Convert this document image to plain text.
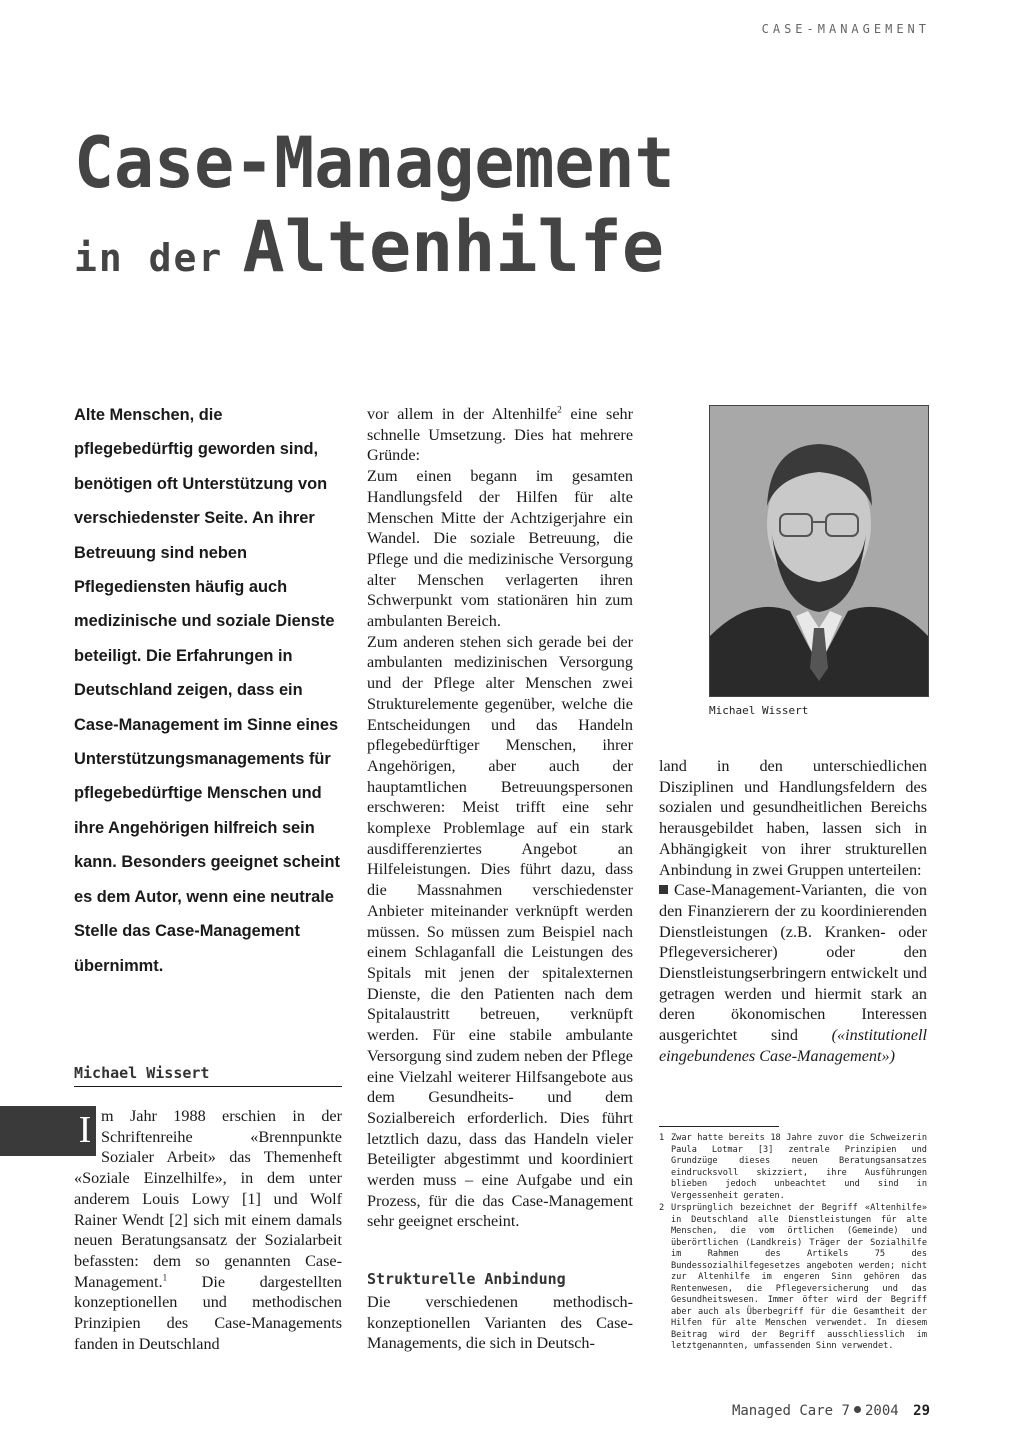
CASE-MANAGEMENT
Case-Management
in der Altenhilfe
Alte Menschen, die pflegebedürftig geworden sind, benötigen oft Unterstützung von verschiedenster Seite. An ihrer Betreuung sind neben Pflegediensten häufig auch medizinische und soziale Dienste beteiligt. Die Erfahrungen in Deutschland zeigen, dass ein Case-Management im Sinne eines Unterstützungsmanagements für pflegebedürftige Menschen und ihre Angehörigen hilfreich sein kann. Besonders geeignet scheint es dem Autor, wenn eine neutrale Stelle das Case-Management übernimmt.
Michael Wissert
I m Jahr 1988 erschien in der Schriftenreihe «Brennpunkte Sozialer Arbeit» das Themenheft «Soziale Einzelhilfe», in dem unter anderem Louis Lowy [1] und Wolf Rainer Wendt [2] sich mit einem damals neuen Beratungsansatz der Sozialarbeit befassten: dem so genannten Case-Management.$^1$ Die dargestellten konzeptionellen und methodischen Prinzipien des Case-Managements fanden in Deutschland

vor allem in der Altenhilfe$^2$ eine sehr schnelle Umsetzung. Dies hat mehrere Gründe:

Zum einen begann im gesamten Handlungsfeld der Hilfen für alte Menschen Mitte der Achtzigerjahre ein Wandel. Die soziale Betreuung, die Pflege und die medizinische Versorgung alter Menschen verlagerten ihren Schwerpunkt vom stationären hin zum ambulanten Bereich.

Zum anderen stehen sich gerade bei der ambulanten medizinischen Versorgung und der Pflege alter Menschen zwei Strukturelemente gegenüber, welche die Entscheidungen und das Handeln pflegebedürftiger Menschen, ihrer Angehörigen, aber auch der hauptamtlichen Betreuungspersonen erschweren: Meist trifft eine sehr komplexe Problemlage auf ein stark ausdifferenziertes Angebot an Hilfeleistungen. Dies führt dazu, dass die Massnahmen verschiedenster Anbieter miteinander verknüpft werden müssen. So müssen zum Beispiel nach einem Schlaganfall die Leistungen des Spitals mit jenen der spitalexternen Dienste, die den Patienten nach dem Spitalaustritt betreuen, verknüpft werden. Für eine stabile ambulante Versorgung sind zudem neben der Pflege eine Vielzahl weiterer Hilfsangebote aus dem Gesundheits- und dem Sozialbereich erforderlich. Dies führt letztlich dazu, dass das Handeln vieler Beteiligter abgestimmt und koordiniert werden muss – eine Aufgabe und ein Prozess, für die das Case-Management sehr geeignet erscheint.

Strukturelle Anbindung
Die verschiedenen methodisch-konzeptionellen Varianten des Case-Managements, die sich in Deutsch-
Michael Wissert

land in den unterschiedlichen Disziplinen und Handlungsfeldern des sozialen und gesundheitlichen Bereichs herausgebildet haben, lassen sich in Abhängigkeit von ihrer strukturellen Anbindung in zwei Gruppen unterteilen:

Case-Management-Varianten, die von den Finanzierern der zu koordinierenden Dienstleistungen (z.B. Kranken- oder Pflegeversicherer) oder den Dienstleistungserbringern entwickelt und getragen werden und hiermit stark an deren ökonomischen Interessen ausgerichtet sind («institutionell eingebundenes Case-Management»)

1 Zwar hatte bereits 18 Jahre zuvor die Schweizerin Paula Lotmar [3] zentrale Prinzipien und Grundzüge dieses neuen Beratungsansatzes eindrucksvoll skizziert, ihre Ausführungen blieben jedoch unbeachtet und sind in Vergessenheit geraten.
2 Ursprünglich bezeichnet der Begriff «Altenhilfe» in Deutschland alle Dienstleistungen für alte Menschen, die vom örtlichen (Gemeinde) und überörtlichen (Landkreis) Träger der Sozialhilfe im Rahmen des Artikels 75 des Bundessozialhilfegesetzes angeboten werden; nicht zur Altenhilfe im engeren Sinn gehören das Rentenwesen, die Pflegeversicherung und das Gesundheitswesen. Immer öfter wird der Begriff aber auch als Überbegriff für die Gesamtheit der Hilfen für alte Menschen verwendet. In diesem Beitrag wird der Begriff ausschliesslich im letztgenannten, umfassenden Sinn verwendet.
Managed Care 7 2004 29
